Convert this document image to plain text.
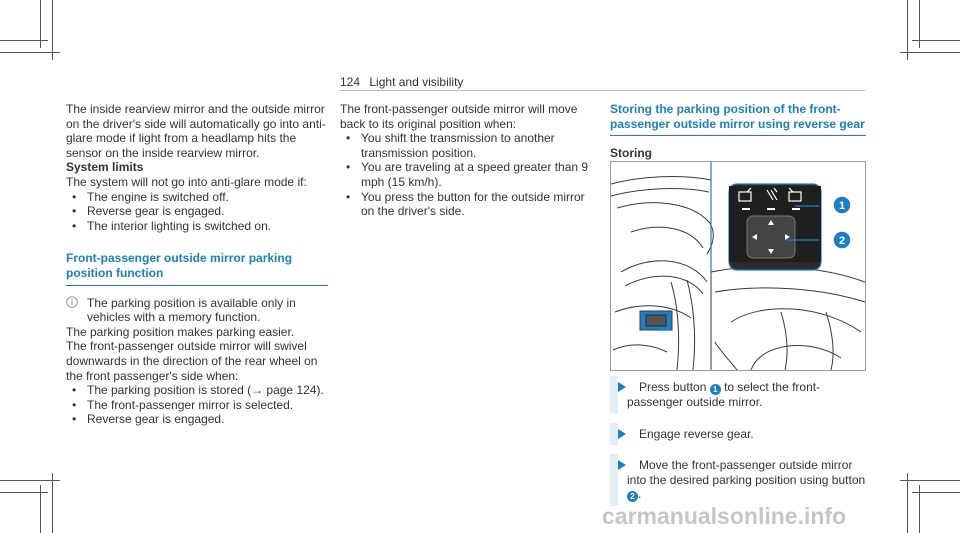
124 Light and visibility

The inside rearview mirror and the outside mirror on the driver's side will automatically go into anti-glare mode if light from a headlamp hits the sensor on the inside rearview mirror.

System limits

The system will not go into anti-glare mode if:

• The engine is switched off.
• Reverse gear is engaged.
• The interior lighting is switched on.
Front-passenger outside mirror parking position function
The parking position is available only in vehicles with a memory function.

The parking position makes parking easier.

The front-passenger outside mirror will swivel downwards in the direction of the rear wheel on the front passenger's side when:

• The parking position is stored (→ page 124).
• The front-passenger mirror is selected.
• Reverse gear is engaged.

The front-passenger outside mirror will move back to its original position when:

• You shift the transmission to another transmission position.
• You are traveling at a speed greater than 9 mph (15 km/h).
• You press the button for the outside mirror on the driver's side.
Storing the parking position of the front-passenger outside mirror using reverse gear

Storing

1
2
Press button 1 to select the front-passenger outside mirror.
Engage reverse gear.
Move the front-passenger outside mirror into the desired parking position using button 2 .
carmanualsonline.info
